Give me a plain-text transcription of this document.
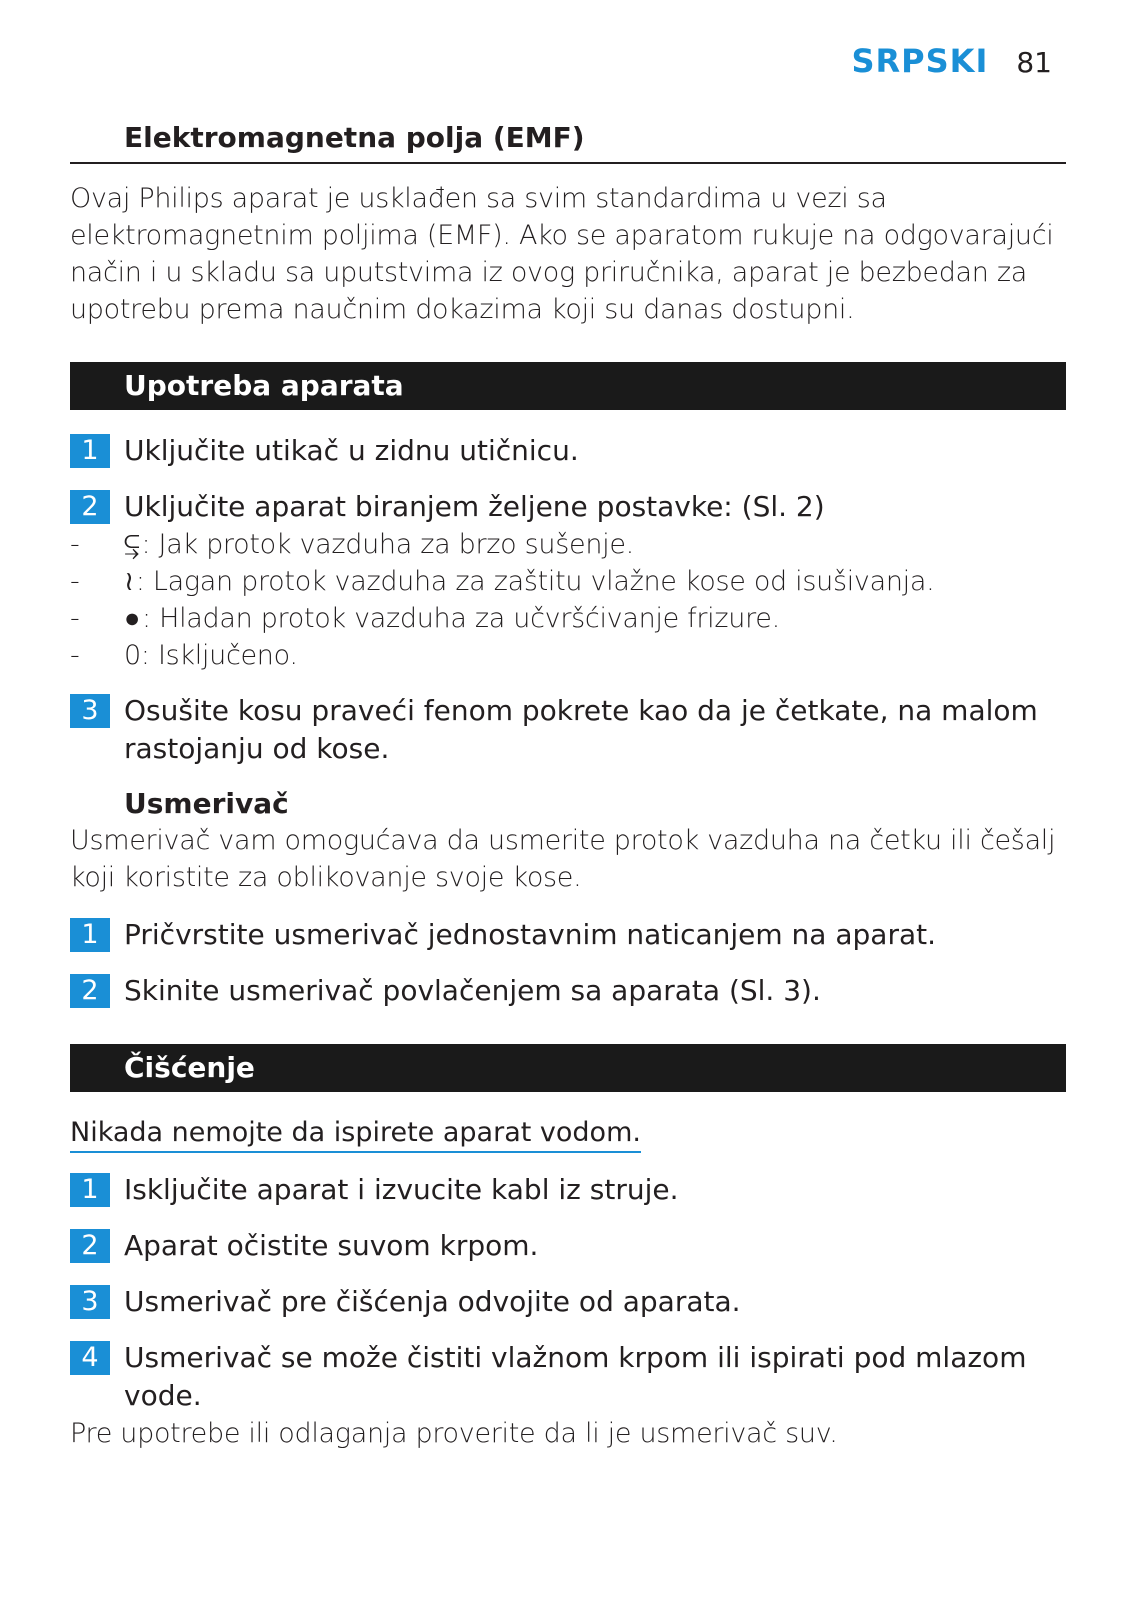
SRPSKI 81
Elektromagnetna polja (EMF)

Ovaj Philips aparat je usklađen sa svim standardima u vezi sa elektromagnetnim poljima (EMF). Ako se aparatom rukuje na odgovarajući način i u skladu sa uputstvima iz ovog priručnika, aparat je bezbedan za upotrebu prema naučnim dokazima koji su danas dostupni.

Upotreba aparata
1 Uključite utikač u zidnu utičnicu.
2 Uključite aparat biranjem željene postavke: (Sl. 2)
-	⥹: Jak protok vazduha za brzo sušenje.
-	≀: Lagan protok vazduha za zaštitu vlažne kose od isušivanja.
-	●: Hladan protok vazduha za učvršćivanje frizure.
-	0: Isključeno.
3 Osušite kosu praveći fenom pokrete kao da je četkate, na malom rastojanju od kose.
Usmerivač

Usmerivač vam omogućava da usmerite protok vazduha na četku ili češalj koji koristite za oblikovanje svoje kose.

1 Pričvrstite usmerivač jednostavnim naticanjem na aparat.
2 Skinite usmerivač povlačenjem sa aparata (Sl. 3).
Čišćenje
Nikada nemojte da ispirete aparat vodom.
1 Isključite aparat i izvucite kabl iz struje.
2 Aparat očistite suvom krpom.
3 Usmerivač pre čišćenja odvojite od aparata.
4 Usmerivač se može čistiti vlažnom krpom ili ispirati pod mlazom vode.

Pre upotrebe ili odlaganja proverite da li je usmerivač suv.
